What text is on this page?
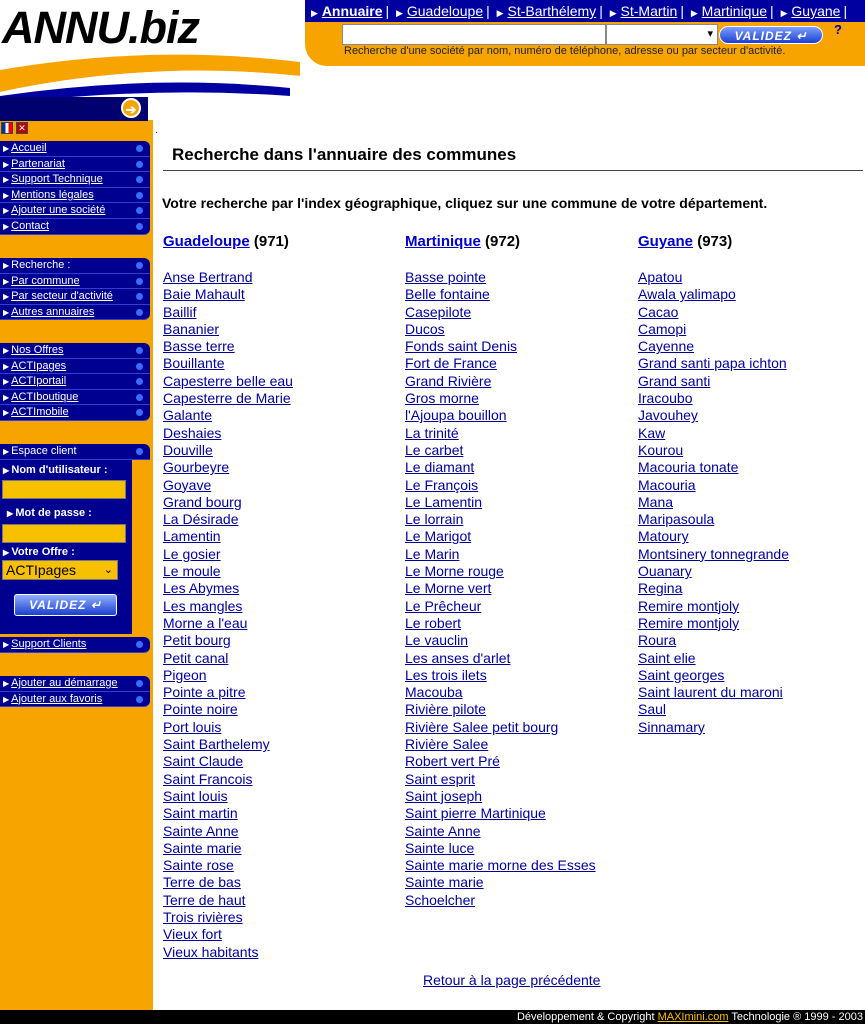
ANNU.biz	▶ Annuaire | ▶ Guadeloupe | ▶ St-Barthélemy | ▶ St-Martin | ▶ Martinique | ▶ Guyane |
▾	VALIDEZ ↵	?
Recherche d'une société par nom, numéro de téléphone, adresse ou par secteur d'activité.
➔
✕
▶ Accueil
▶ Partenariat
▶ Support Technique
▶ Mentions légales
▶ Ajouter une société
▶ Contact
▶ Recherche :
▶ Par commune
▶ Par secteur d'activité
▶ Autres annuaires
▶ Nos Offres
▶ ACTIpages
▶ ACTIportail
▶ ACTIboutique
▶ ACTImobile
▶ Espace client
▶ Nom d'utilisateur :
▶ Mot de passe :
▶ Votre Offre :
ACTIpages	⌄
VALIDEZ ↵
▶ Support Clients
▶ Ajouter au démarrage
▶ Ajouter aux favoris
.
Recherche dans l'annuaire des communes
Votre recherche par l'index géographique, cliquez sur une commune de votre département.
Guadeloupe (971)
Anse Bertrand
Baie Mahault
Baillif
Bananier
Basse terre
Bouillante
Capesterre belle eau
Capesterre de Marie
Galante
Deshaies
Douville
Gourbeyre
Goyave
Grand bourg
La Désirade
Lamentin
Le gosier
Le moule
Les Abymes
Les mangles
Morne a l'eau
Petit bourg
Petit canal
Pigeon
Pointe a pitre
Pointe noire
Port louis
Saint Barthelemy
Saint Claude
Saint Francois
Saint louis
Saint martin
Sainte Anne
Sainte marie
Sainte rose
Terre de bas
Terre de haut
Trois rivières
Vieux fort
Vieux habitants
Martinique (972)
Basse pointe
Belle fontaine
Casepilote
Ducos
Fonds saint Denis
Fort de France
Grand Rivière
Gros morne
l'Ajoupa bouillon
La trinité
Le carbet
Le diamant
Le François
Le Lamentin
Le lorrain
Le Marigot
Le Marin
Le Morne rouge
Le Morne vert
Le Prêcheur
Le robert
Le vauclin
Les anses d'arlet
Les trois ilets
Macouba
Rivière pilote
Rivière Salee petit bourg
Rivière Salee
Robert vert Pré
Saint esprit
Saint joseph
Saint pierre Martinique
Sainte Anne
Sainte luce
Sainte marie morne des Esses
Sainte marie
Schoelcher
Guyane (973)
Apatou
Awala yalimapo
Cacao
Camopi
Cayenne
Grand santi papa ichton
Grand santi
Iracoubo
Javouhey
Kaw
Kourou
Macouria tonate
Macouria
Mana
Maripasoula
Matoury
Montsinery tonnegrande
Ouanary
Regina
Remire montjoly
Remire montjoly
Roura
Saint elie
Saint georges
Saint laurent du maroni
Saul
Sinnamary
Retour à la page précédente
Développement & Copyright MAXImini.com Technologie ® 1999 - 2003
